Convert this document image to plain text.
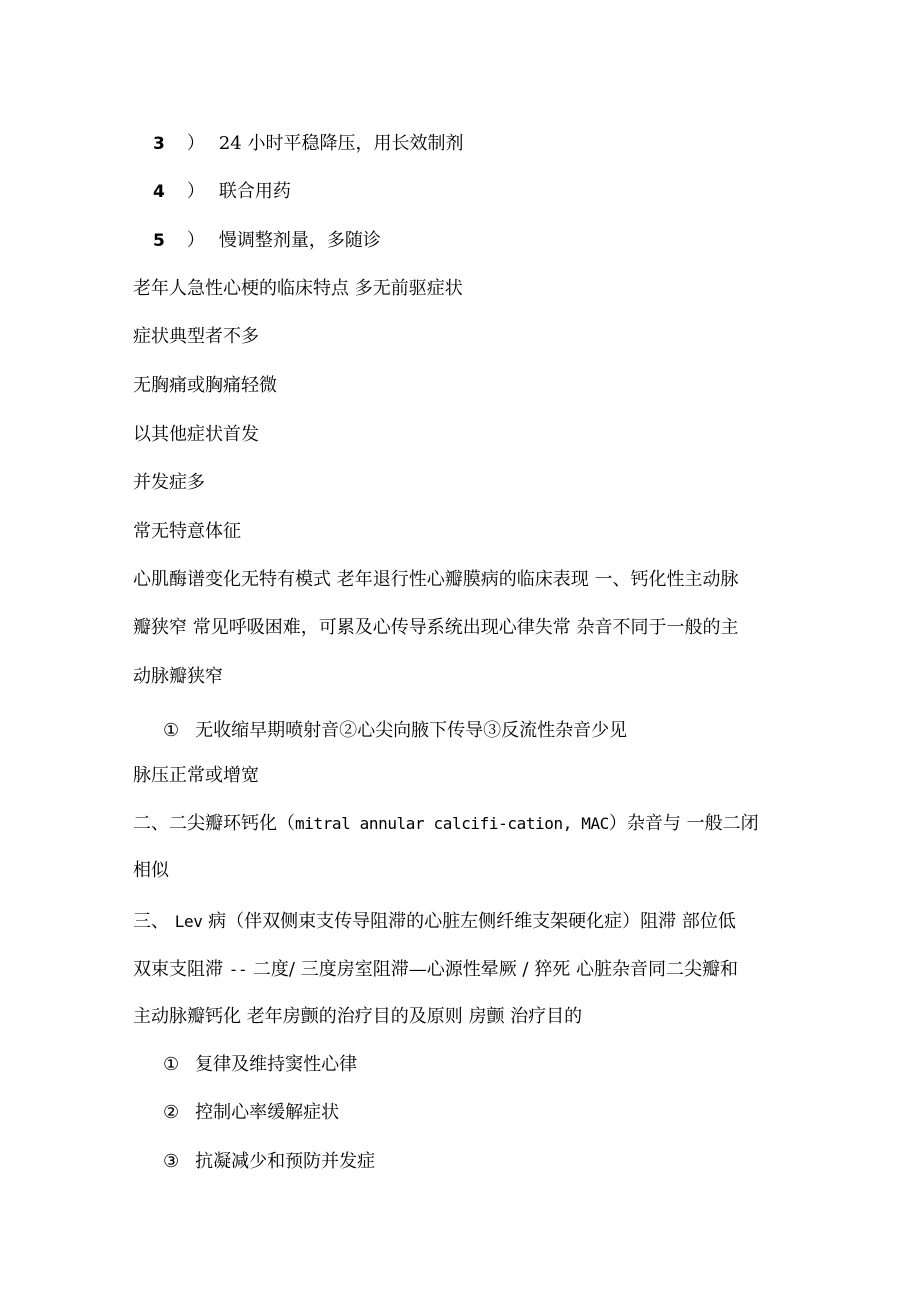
3 ） 24 小时平稳降压，用长效制剂
4 ） 联合用药
5 ） 慢调整剂量，多随诊
老年人急性心梗的临床特点 多无前驱症状
症状典型者不多
无胸痛或胸痛轻微
以其他症状首发
并发症多
常无特意体征
心肌酶谱变化无特有模式 老年退行性心瓣膜病的临床表现 一、钙化性主动脉
瓣狭窄 常见呼吸困难，可累及心传导系统出现心律失常 杂音不同于一般的主
动脉瓣狭窄
① 无收缩早期喷射音②心尖向腋下传导③反流性杂音少见
脉压正常或增宽
二、二尖瓣环钙化（mitral annular calcifi-cation, MAC）杂音与 一般二闭
相似
三、 Lev 病（伴双侧束支传导阻滞的心脏左侧纤维支架硬化症）阻滞 部位低
双束支阻滞 -- 二度/ 三度房室阻滞—心源性晕厥 / 猝死 心脏杂音同二尖瓣和
主动脉瓣钙化 老年房颤的治疗目的及原则 房颤 治疗目的
① 复律及维持窦性心律
② 控制心率缓解症状
③ 抗凝减少和预防并发症
